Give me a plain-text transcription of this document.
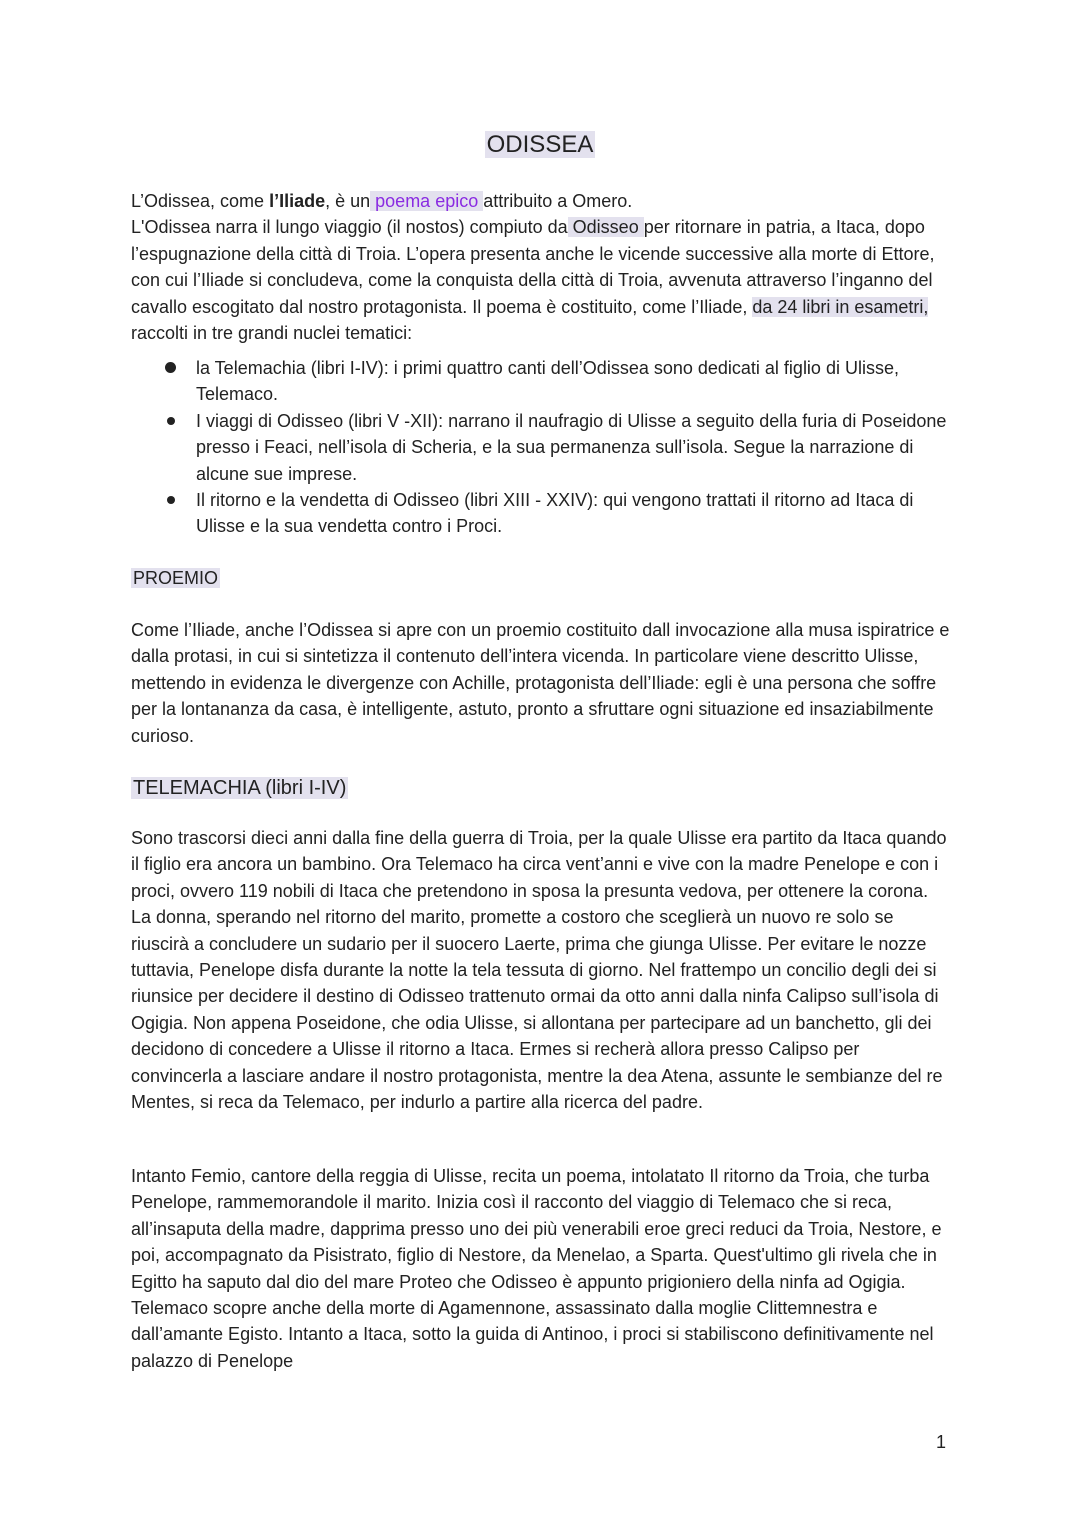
ODISSEA
L’Odissea, come l’Iliade, è un poema epico attribuito a Omero.
L'Odissea narra il lungo viaggio (il nostos) compiuto da Odisseo per ritornare in patria, a Itaca, dopo l’espugnazione della città di Troia. L’opera presenta anche le vicende successive alla morte di Ettore, con cui l’Iliade si concludeva, come la conquista della città di Troia, avvenuta attraverso l’inganno del cavallo escogitato dal nostro protagonista. Il poema è costituito, come l’Iliade, da 24 libri in esametri, raccolti in tre grandi nuclei tematici:
la Telemachia (libri I-IV): i primi quattro canti dell’Odissea sono dedicati al figlio di Ulisse, Telemaco.
I viaggi di Odisseo (libri V -XII): narrano il naufragio di Ulisse a seguito della furia di Poseidone presso i Feaci, nell’isola di Scheria, e la sua permanenza sull’isola. Segue la narrazione di alcune sue imprese.
Il ritorno e la vendetta di Odisseo (libri XIII - XXIV): qui vengono trattati il ritorno ad Itaca di Ulisse e la sua vendetta contro i Proci.
PROEMIO
Come l’Iliade, anche l’Odissea si apre con un proemio costituito dall invocazione alla musa ispiratrice e dalla protasi, in cui si sintetizza il contenuto dell’intera vicenda. In particolare viene descritto Ulisse, mettendo in evidenza le divergenze con Achille, protagonista dell’Iliade: egli è una persona che soffre per la lontananza da casa, è intelligente, astuto, pronto a sfruttare ogni situazione ed insaziabilmente curioso.
TELEMACHIA (libri I-IV)
Sono trascorsi dieci anni dalla fine della guerra di Troia, per la quale Ulisse era partito da Itaca quando il figlio era ancora un bambino. Ora Telemaco ha circa vent’anni e vive con la madre Penelope e con i proci, ovvero 119 nobili di Itaca che pretendono in sposa la presunta vedova, per ottenere la corona. La donna, sperando nel ritorno del marito, promette a costoro che sceglierà un nuovo re solo se riuscirà a concludere un sudario per il suocero Laerte, prima che giunga Ulisse. Per evitare le nozze tuttavia, Penelope disfa durante la notte la tela tessuta di giorno. Nel frattempo un concilio degli dei si riunsice per decidere il destino di Odisseo trattenuto ormai da otto anni dalla ninfa Calipso sull’isola di Ogigia. Non appena Poseidone, che odia Ulisse, si allontana per partecipare ad un banchetto, gli dei decidono di concedere a Ulisse il ritorno a Itaca. Ermes si recherà allora presso Calipso per convincerla a lasciare andare il nostro protagonista, mentre la dea Atena, assunte le sembianze del re Mentes, si reca da Telemaco, per indurlo a partire alla ricerca del padre.
Intanto Femio, cantore della reggia di Ulisse, recita un poema, intolatato Il ritorno da Troia, che turba Penelope, rammemorandole il marito. Inizia così il racconto del viaggio di Telemaco che si reca, all’insaputa della madre, dapprima presso uno dei più venerabili eroe greci reduci da Troia, Nestore, e poi, accompagnato da Pisistrato, figlio di Nestore, da Menelao, a Sparta. Quest'ultimo gli rivela che in Egitto ha saputo dal dio del mare Proteo che Odisseo è appunto prigioniero della ninfa ad Ogigia. Telemaco scopre anche della morte di Agamennone, assassinato dalla moglie Clittemnestra e dall’amante Egisto. Intanto a Itaca, sotto la guida di Antinoo, i proci si stabiliscono definitivamente nel palazzo di Penelope
1
